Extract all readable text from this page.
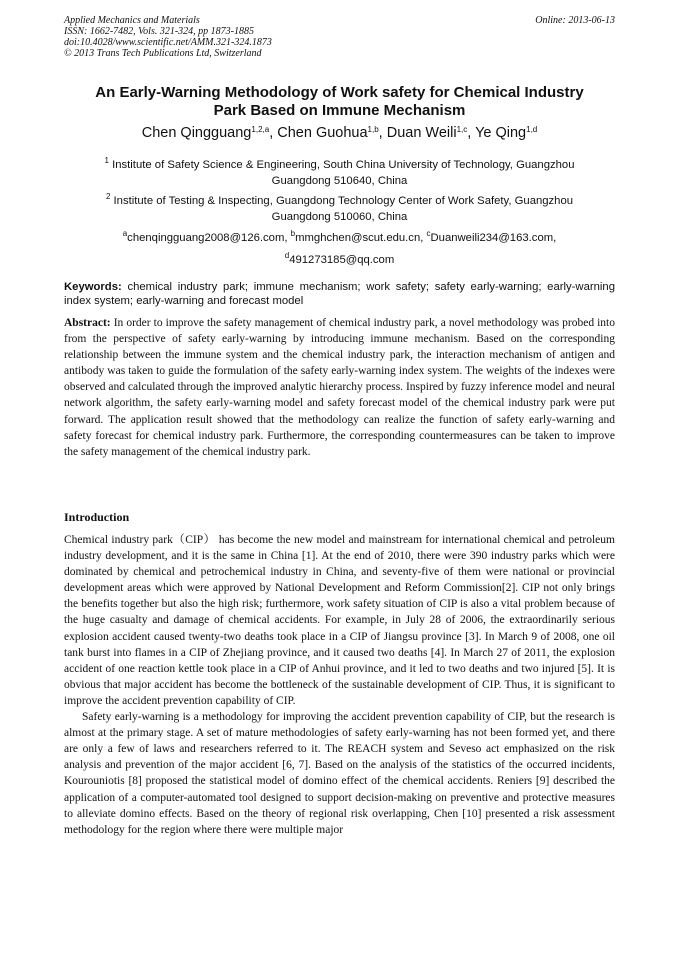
Applied Mechanics and Materials	Online: 2013-06-13
ISSN: 1662-7482, Vols. 321-324, pp 1873-1885
doi:10.4028/www.scientific.net/AMM.321-324.1873
© 2013 Trans Tech Publications Ltd, Switzerland
An Early-Warning Methodology of Work safety for Chemical Industry
Park Based on Immune Mechanism
Chen Qingguang$^{1,2,a}$, Chen Guohua$^{1,b}$, Duan Weili$^{1,c}$, Ye Qing$^{1,d}$
$^1$ Institute of Safety Science & Engineering, South China University of Technology, Guangzhou
Guangdong 510640, China
$^2$ Institute of Testing & Inspecting, Guangdong Technology Center of Work Safety, Guangzhou
Guangdong 510060, China
$^a$chenqingguang2008@126.com, $^b$mmghchen@scut.edu.cn, $^c$Duanweili234@163.com,
$^d$491273185@qq.com
Keywords: chemical industry park; immune mechanism; work safety; safety early-warning; early-warning index system; early-warning and forecast model

Abstract: In order to improve the safety management of chemical industry park, a novel methodology was probed into from the perspective of safety early-warning by introducing immune mechanism. Based on the corresponding relationship between the immune system and the chemical industry park, the interaction mechanism of antigen and antibody was taken to guide the formulation of the safety early-warning index system. The weights of the indexes were observed and calculated through the improved analytic hierarchy process. Inspired by fuzzy inference model and neural network algorithm, the safety early-warning model and safety forecast model of the chemical industry park were put forward. The application result showed that the methodology can realize the function of safety early-warning and safety forecast for chemical industry park. Furthermore, the corresponding countermeasures can be taken to improve the safety management of the chemical industry park.

Introduction

Chemical industry park（CIP） has become the new model and mainstream for international chemical and petroleum industry development, and it is the same in China [1]. At the end of 2010, there were 390 industry parks which were dominated by chemical and petrochemical industry in China, and seventy-five of them were national or provincial development areas which were approved by National Development and Reform Commission[2]. CIP not only brings the benefits together but also the high risk; furthermore, work safety situation of CIP is also a vital problem because of the huge casualty and damage of chemical accidents. For example, in July 28 of 2006, the extraordinarily serious explosion accident caused twenty-two deaths took place in a CIP of Jiangsu province [3]. In March 9 of 2008, one oil tank burst into flames in a CIP of Zhejiang province, and it caused two deaths [4]. In March 27 of 2011, the explosion accident of one reaction kettle took place in a CIP of Anhui province, and it led to two deaths and two injured [5]. It is obvious that major accident has become the bottleneck of the sustainable development of CIP. Thus, it is significant to improve the accident prevention capability of CIP.

Safety early-warning is a methodology for improving the accident prevention capability of CIP, but the research is almost at the primary stage. A set of mature methodologies of safety early-warning has not been formed yet, and there are only a few of laws and researchers referred to it. The REACH system and Seveso act emphasized on the risk analysis and prevention of the major accident [6, 7]. Based on the analysis of the statistics of the occurred incidents, Kourouniotis [8] proposed the statistical model of domino effect of the chemical accidents. Reniers [9] described the application of a computer-automated tool designed to support decision-making on preventive and protective measures to alleviate domino effects. Based on the theory of regional risk overlapping, Chen [10] presented a risk assessment methodology for the region where there were multiple major
